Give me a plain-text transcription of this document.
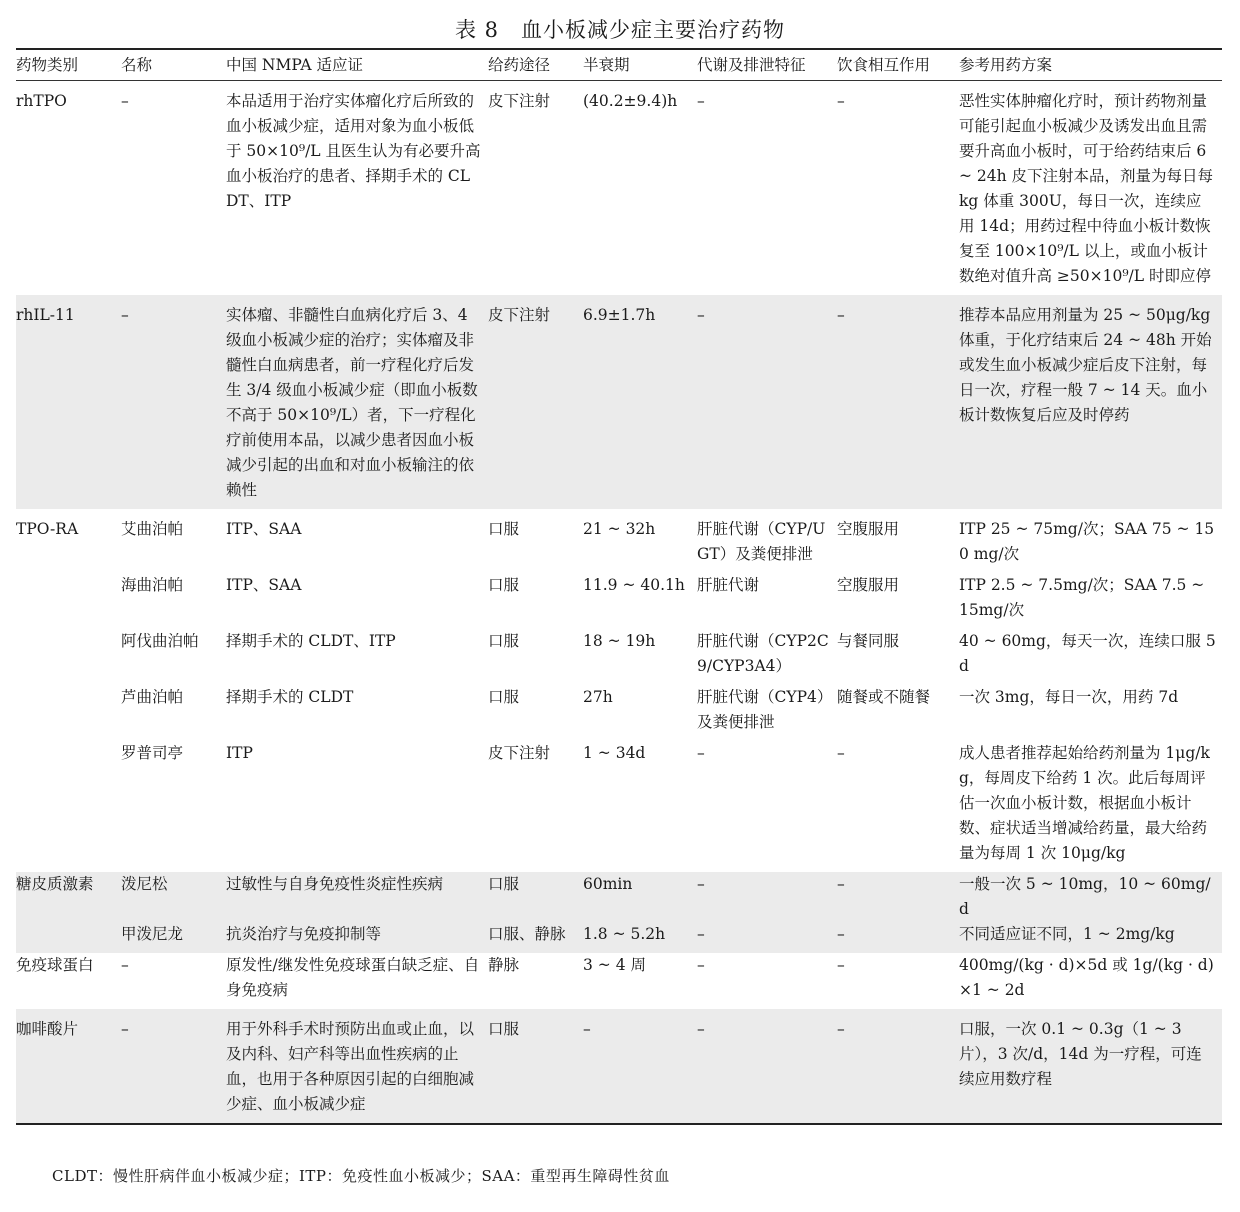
表 8 血小板减少症主要治疗药物
药物类别	名称	中国 NMPA 适应证	给药途径	半衰期	代谢及排泄特征	饮食相互作用	参考用药方案
rhTPO	–	本品适用于治疗实体瘤化疗后所致的血小板减少症，适用对象为血小板低于 50×10⁹/L 且医生认为有必要升高血小板治疗的患者、择期手术的 CLDT、ITP	皮下注射	(40.2±9.4)h	–	–	恶性实体肿瘤化疗时，预计药物剂量可能引起血小板减少及诱发出血且需要升高血小板时，可于给药结束后 6 ~ 24h 皮下注射本品，剂量为每日每 kg 体重 300U，每日一次，连续应用 14d；用药过程中待血小板计数恢复至 100×10⁹/L 以上，或血小板计数绝对值升高 ≥50×10⁹/L 时即应停
rhIL-11	–	实体瘤、非髓性白血病化疗后 3、4 级血小板减少症的治疗；实体瘤及非髓性白血病患者，前一疗程化疗后发生 3/4 级血小板减少症（即血小板数不高于 50×10⁹/L）者，下一疗程化疗前使用本品，以减少患者因血小板减少引起的出血和对血小板输注的依赖性	皮下注射	6.9±1.7h	–	–	推荐本品应用剂量为 25 ~ 50μg/kg 体重，于化疗结束后 24 ~ 48h 开始或发生血小板减少症后皮下注射，每日一次，疗程一般 7 ~ 14 天。血小板计数恢复后应及时停药
TPO-RA	艾曲泊帕	ITP、SAA	口服	21 ~ 32h	肝脏代谢（CYP/UGT）及粪便排泄	空腹服用	ITP 25 ~ 75mg/次；SAA 75 ~ 150 mg/次
	海曲泊帕	ITP、SAA	口服	11.9 ~ 40.1h	肝脏代谢	空腹服用	ITP 2.5 ~ 7.5mg/次；SAA 7.5 ~ 15mg/次
	阿伐曲泊帕	择期手术的 CLDT、ITP	口服	18 ~ 19h	肝脏代谢（CYP2C9/CYP3A4）	与餐同服	40 ~ 60mg，每天一次，连续口服 5d
	芦曲泊帕	择期手术的 CLDT	口服	27h	肝脏代谢（CYP4）及粪便排泄	随餐或不随餐	一次 3mg，每日一次，用药 7d
	罗普司亭	ITP	皮下注射	1 ~ 34d	–	–	成人患者推荐起始给药剂量为 1μg/kg，每周皮下给药 1 次。此后每周评估一次血小板计数，根据血小板计数、症状适当增减给药量，最大给药量为每周 1 次 10μg/kg
糖皮质激素	泼尼松	过敏性与自身免疫性炎症性疾病	口服	60min	–	–	一般一次 5 ~ 10mg，10 ~ 60mg/d
	甲泼尼龙	抗炎治疗与免疫抑制等	口服、静脉	1.8 ~ 5.2h	–	–	不同适应证不同，1 ~ 2mg/kg
免疫球蛋白	–	原发性/继发性免疫球蛋白缺乏症、自身免疫病	静脉	3 ~ 4 周	–	–	400mg/(kg · d)×5d 或 1g/(kg · d)×1 ~ 2d
咖啡酸片	–	用于外科手术时预防出血或止血，以及内科、妇产科等出血性疾病的止血，也用于各种原因引起的白细胞减少症、血小板减少症	口服	–	–	–	口服，一次 0.1 ~ 0.3g（1 ~ 3 片），3 次/d，14d 为一疗程，可连续应用数疗程
CLDT：慢性肝病伴血小板减少症；ITP：免疫性血小板减少；SAA：重型再生障碍性贫血
